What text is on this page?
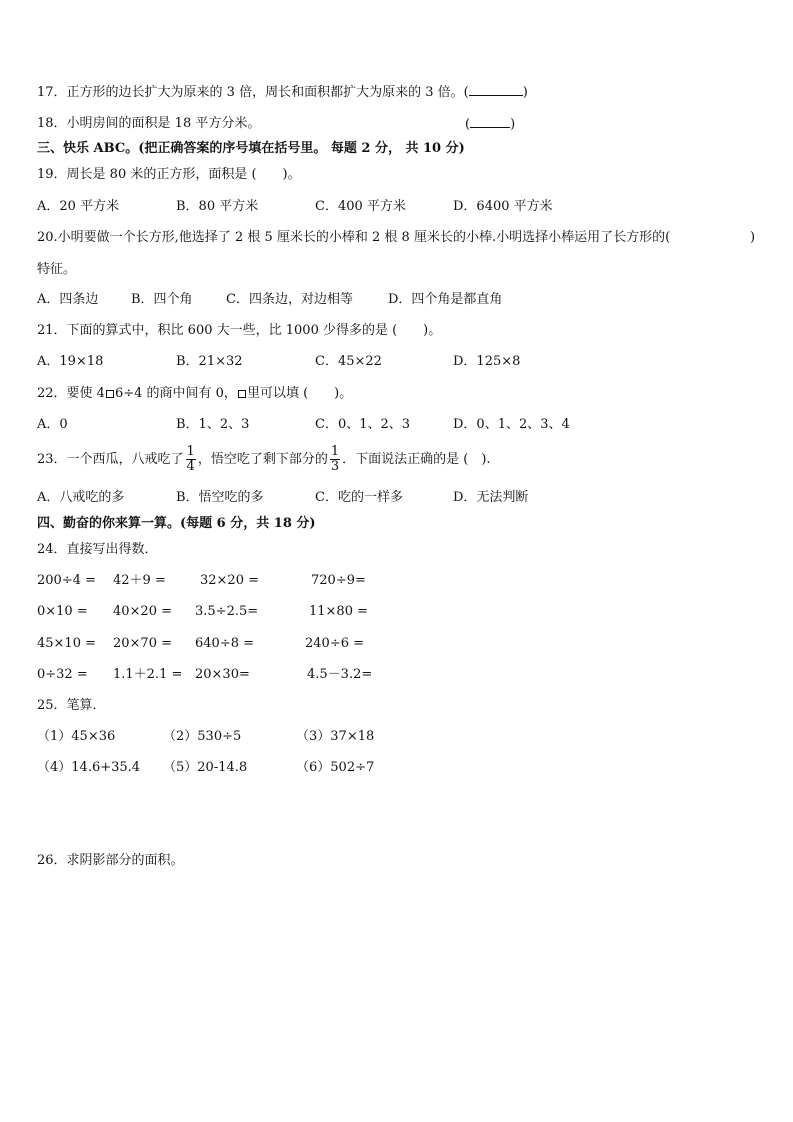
17．正方形的边长扩大为原来的 3 倍，周长和面积都扩大为原来的 3 倍。(	)
18．小明房间的面积是 18 平方分米。	(	)
三、快乐 ABC。(把正确答案的序号填在括号里。 每题 2 分， 共 10 分)
19．周长是 80 米的正方形，面积是 (　　)。
A．20 平方米	B．80 平方米	C．400 平方米	D．6400 平方米
20.小明要做一个长方形,他选择了 2 根 5 厘米长的小棒和 2 根 8 厘米长的小棒.小明选择小棒运用了长方形的(	)
特征。
A．四条边	B．四个角	C．四条边，对边相等	D．四个角是都直角
21．下面的算式中，积比 600 大一些，比 1000 少得多的是 (　　)。
A．19×18	B．21×32	C．45×22	D．125×8
22．要使 4 6÷4 的商中间有 0， 里可以填 (　　)。
A．0	B．1、2、3	C．0、1、2、3	D．0、1、2、3、4
23．一个西瓜，八戒吃了 $\frac{1}{4}$ ，悟空吃了剩下部分的 $\frac{1}{3}$ ．下面说法正确的是 (　).
A．八戒吃的多	B．悟空吃的多	C．吃的一样多	D．无法判断
四、勤奋的你来算一算。(每题 6 分，共 18 分)
24．直接写出得数．
200÷4 = 42＋9 =	32×20 =	720÷9=
0×10 = 40×20 = 3.5÷2.5=	11×80 =
45×10 = 20×70 = 640÷8 =	240÷6 =
0÷32 = 1.1＋2.1 = 20×30=	4.5－3.2=
25．笔算．
（1）45×36	（2）530÷5	（3）37×18
（4）14.6+35.4 （5）20-14.8	（6）502÷7
26．求阴影部分的面积。
